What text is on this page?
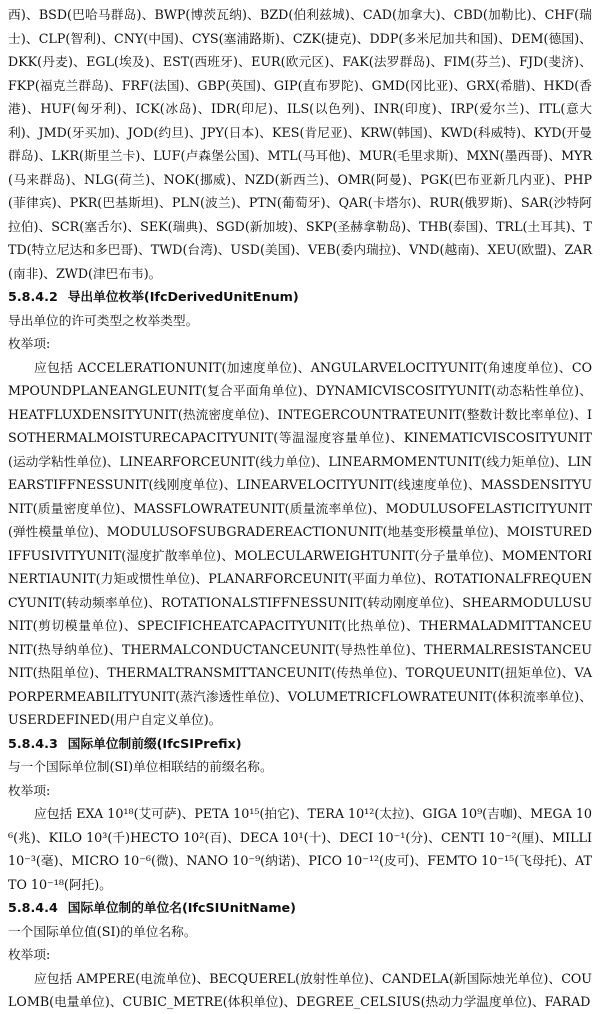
西)、BSD(巴哈马群岛)、BWP(博茨瓦纳)、BZD(伯利兹城)、CAD(加拿大)、CBD(加勒比)、CHF(瑞士)、CLP(智利)、CNY(中国)、CYS(塞浦路斯)、CZK(捷克)、DDP(多米尼加共和国)、DEM(德国)、DKK(丹麦)、EGL(埃及)、EST(西班牙)、EUR(欧元区)、FAK(法罗群岛)、FIM(芬兰)、FJD(斐济)、FKP(福克兰群岛)、FRF(法国)、GBP(英国)、GIP(直布罗陀)、GMD(冈比亚)、GRX(希腊)、HKD(香港)、HUF(匈牙利)、ICK(冰岛)、IDR(印尼)、ILS(以色列)、INR(印度)、IRP(爱尔兰)、ITL(意大利)、JMD(牙买加)、JOD(约旦)、JPY(日本)、KES(肯尼亚)、KRW(韩国)、KWD(科威特)、KYD(开曼群岛)、LKR(斯里兰卡)、LUF(卢森堡公国)、MTL(马耳他)、MUR(毛里求斯)、MXN(墨西哥)、MYR(马来群岛)、NLG(荷兰)、NOK(挪威)、NZD(新西兰)、OMR(阿曼)、PGK(巴布亚新几内亚)、PHP(菲律宾)、PKR(巴基斯坦)、PLN(波兰)、PTN(葡萄牙)、QAR(卡塔尔)、RUR(俄罗斯)、SAR(沙特阿拉伯)、SCR(塞舌尔)、SEK(瑞典)、SGD(新加坡)、SKP(圣赫拿勒岛)、THB(泰国)、TRL(土耳其)、TTD(特立尼达和多巴哥)、TWD(台湾)、USD(美国)、VEB(委内瑞拉)、VND(越南)、XEU(欧盟)、ZAR(南非)、ZWD(津巴布韦)。

5.8.4.2 导出单位枚举(IfcDerivedUnitEnum)

导出单位的许可类型之枚举类型。

枚举项:

应包括 ACCELERATIONUNIT(加速度单位)、ANGULARVELOCITYUNIT(角速度单位)、COMPOUNDPLANEANGLEUNIT(复合平面角单位)、DYNAMICVISCOSITYUNIT(动态粘性单位)、HEATFLUXDENSITYUNIT(热流密度单位)、INTEGERCOUNTRATEUNIT(整数计数比率单位)、ISOTHERMALMOISTURECAPACITYUNIT(等温湿度容量单位)、KINEMATICVISCOSITYUNIT(运动学粘性单位)、LINEARFORCEUNIT(线力单位)、LINEARMOMENTUNIT(线力矩单位)、LINEARSTIFFNESSUNIT(线刚度单位)、LINEARVELOCITYUNIT(线速度单位)、MASSDENSITYUNIT(质量密度单位)、MASSFLOWRATEUNIT(质量流率单位)、MODULUSOFELASTICITYUNIT(弹性模量单位)、MODULUSOFSUBGRADEREACTIONUNIT(地基变形模量单位)、MOISTUREDIFFUSIVITYUNIT(湿度扩散率单位)、MOLECULARWEIGHTUNIT(分子量单位)、MOMENTORINERTIAUNIT(力矩或惯性单位)、PLANARFORCEUNIT(平面力单位)、ROTATIONALFREQUENCYUNIT(转动频率单位)、ROTATIONALSTIFFNESSUNIT(转动刚度单位)、SHEARMODULUSUNIT(剪切模量单位)、SPECIFICHEATCAPACITYUNIT(比热单位)、THERMALADMITTANCEUNIT(热导纳单位)、THERMALCONDUCTANCEUNIT(导热性单位)、THERMALRESISTANCEUNIT(热阻单位)、THERMALTRANSMITTANCEUNIT(传热单位)、TORQUEUNIT(扭矩单位)、VAPORPERMEABILITYUNIT(蒸汽渗透性单位)、VOLUMETRICFLOWRATEUNIT(体积流率单位)、USERDEFINED(用户自定义单位)。

5.8.4.3 国际单位制前缀(IfcSIPrefix)

与一个国际单位制(SI)单位相联结的前缀名称。

枚举项:

应包括 EXA 10¹⁸(艾可萨)、PETA 10¹⁵(拍它)、TERA 10¹²(太拉)、GIGA 10⁹(吉咖)、MEGA 10⁶(兆)、KILO 10³(千)HECTO 10²(百)、DECA 10¹(十)、DECI 10⁻¹(分)、CENTI 10⁻²(厘)、MILLI 10⁻³(毫)、MICRO 10⁻⁶(微)、NANO 10⁻⁹(纳诺)、PICO 10⁻¹²(皮可)、FEMTO 10⁻¹⁵(飞母托)、ATTO 10⁻¹⁸(阿托)。

5.8.4.4 国际单位制的单位名(IfcSIUnitName)

一个国际单位值(SI)的单位名称。

枚举项:

应包括 AMPERE(电流单位)、BECQUEREL(放射性单位)、CANDELA(新国际烛光单位)、COULOMB(电量单位)、CUBIC_METRE(体积单位)、DEGREE_CELSIUS(热动力学温度单位)、FARAD
